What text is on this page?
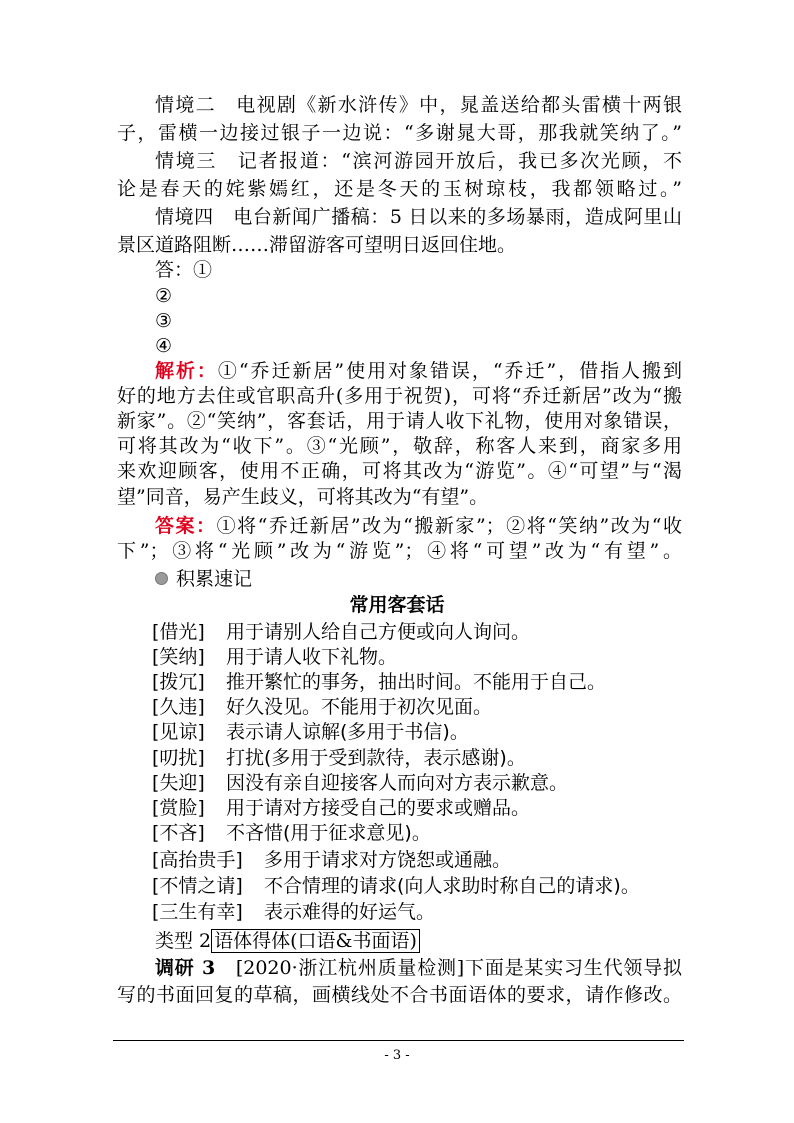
情境二　电视剧《新水浒传》中，晁盖送给都头雷横十两银
子，雷横一边接过银子一边说：“多谢晁大哥，那我就笑纳了。”
情境三　记者报道：“滨河游园开放后，我已多次光顾，不
论是春天的姹紫嫣红，还是冬天的玉树琼枝，我都领略过。”
情境四　电台新闻广播稿：5 日以来的多场暴雨，造成阿里山
景区道路阻断……滞留游客可望明日返回住地。
答：①
②
③
④
解析：①“乔迁新居”使用对象错误，“乔迁”，借指人搬到
好的地方去住或官职高升(多用于祝贺)，可将“乔迁新居”改为“搬
新家”。②“笑纳”，客套话，用于请人收下礼物，使用对象错误，
可将其改为“收下”。③“光顾”，敬辞，称客人来到，商家多用
来欢迎顾客，使用不正确，可将其改为“游览”。④“可望”与“渴
望”同音，易产生歧义，可将其改为“有望”。
答案：①将“乔迁新居”改为“搬新家”；②将“笑纳”改为“收
下”；③将“光顾”改为“游览”；④将“可望”改为“有望”。
积累速记
常用客套话
[借光] 用于请别人给自己方便或向人询问。
[笑纳] 用于请人收下礼物。
[拨冗] 推开繁忙的事务，抽出时间。不能用于自己。
[久违] 好久没见。不能用于初次见面。
[见谅] 表示请人谅解(多用于书信)。
[叨扰] 打扰(多用于受到款待，表示感谢)。
[失迎] 因没有亲自迎接客人而向对方表示歉意。
[赏脸] 用于请对方接受自己的要求或赠品。
[不吝] 不吝惜(用于征求意见)。
[高抬贵手] 多用于请求对方饶恕或通融。
[不情之请] 不合情理的请求(向人求助时称自己的请求)。
[三生有幸] 表示难得的好运气。
类型 2 语体得体(口语&书面语)
调研 3　[2020·浙江杭州质量检测]下面是某实习生代领导拟
写的书面回复的草稿，画横线处不合书面语体的要求，请作修改。
- 3 -
